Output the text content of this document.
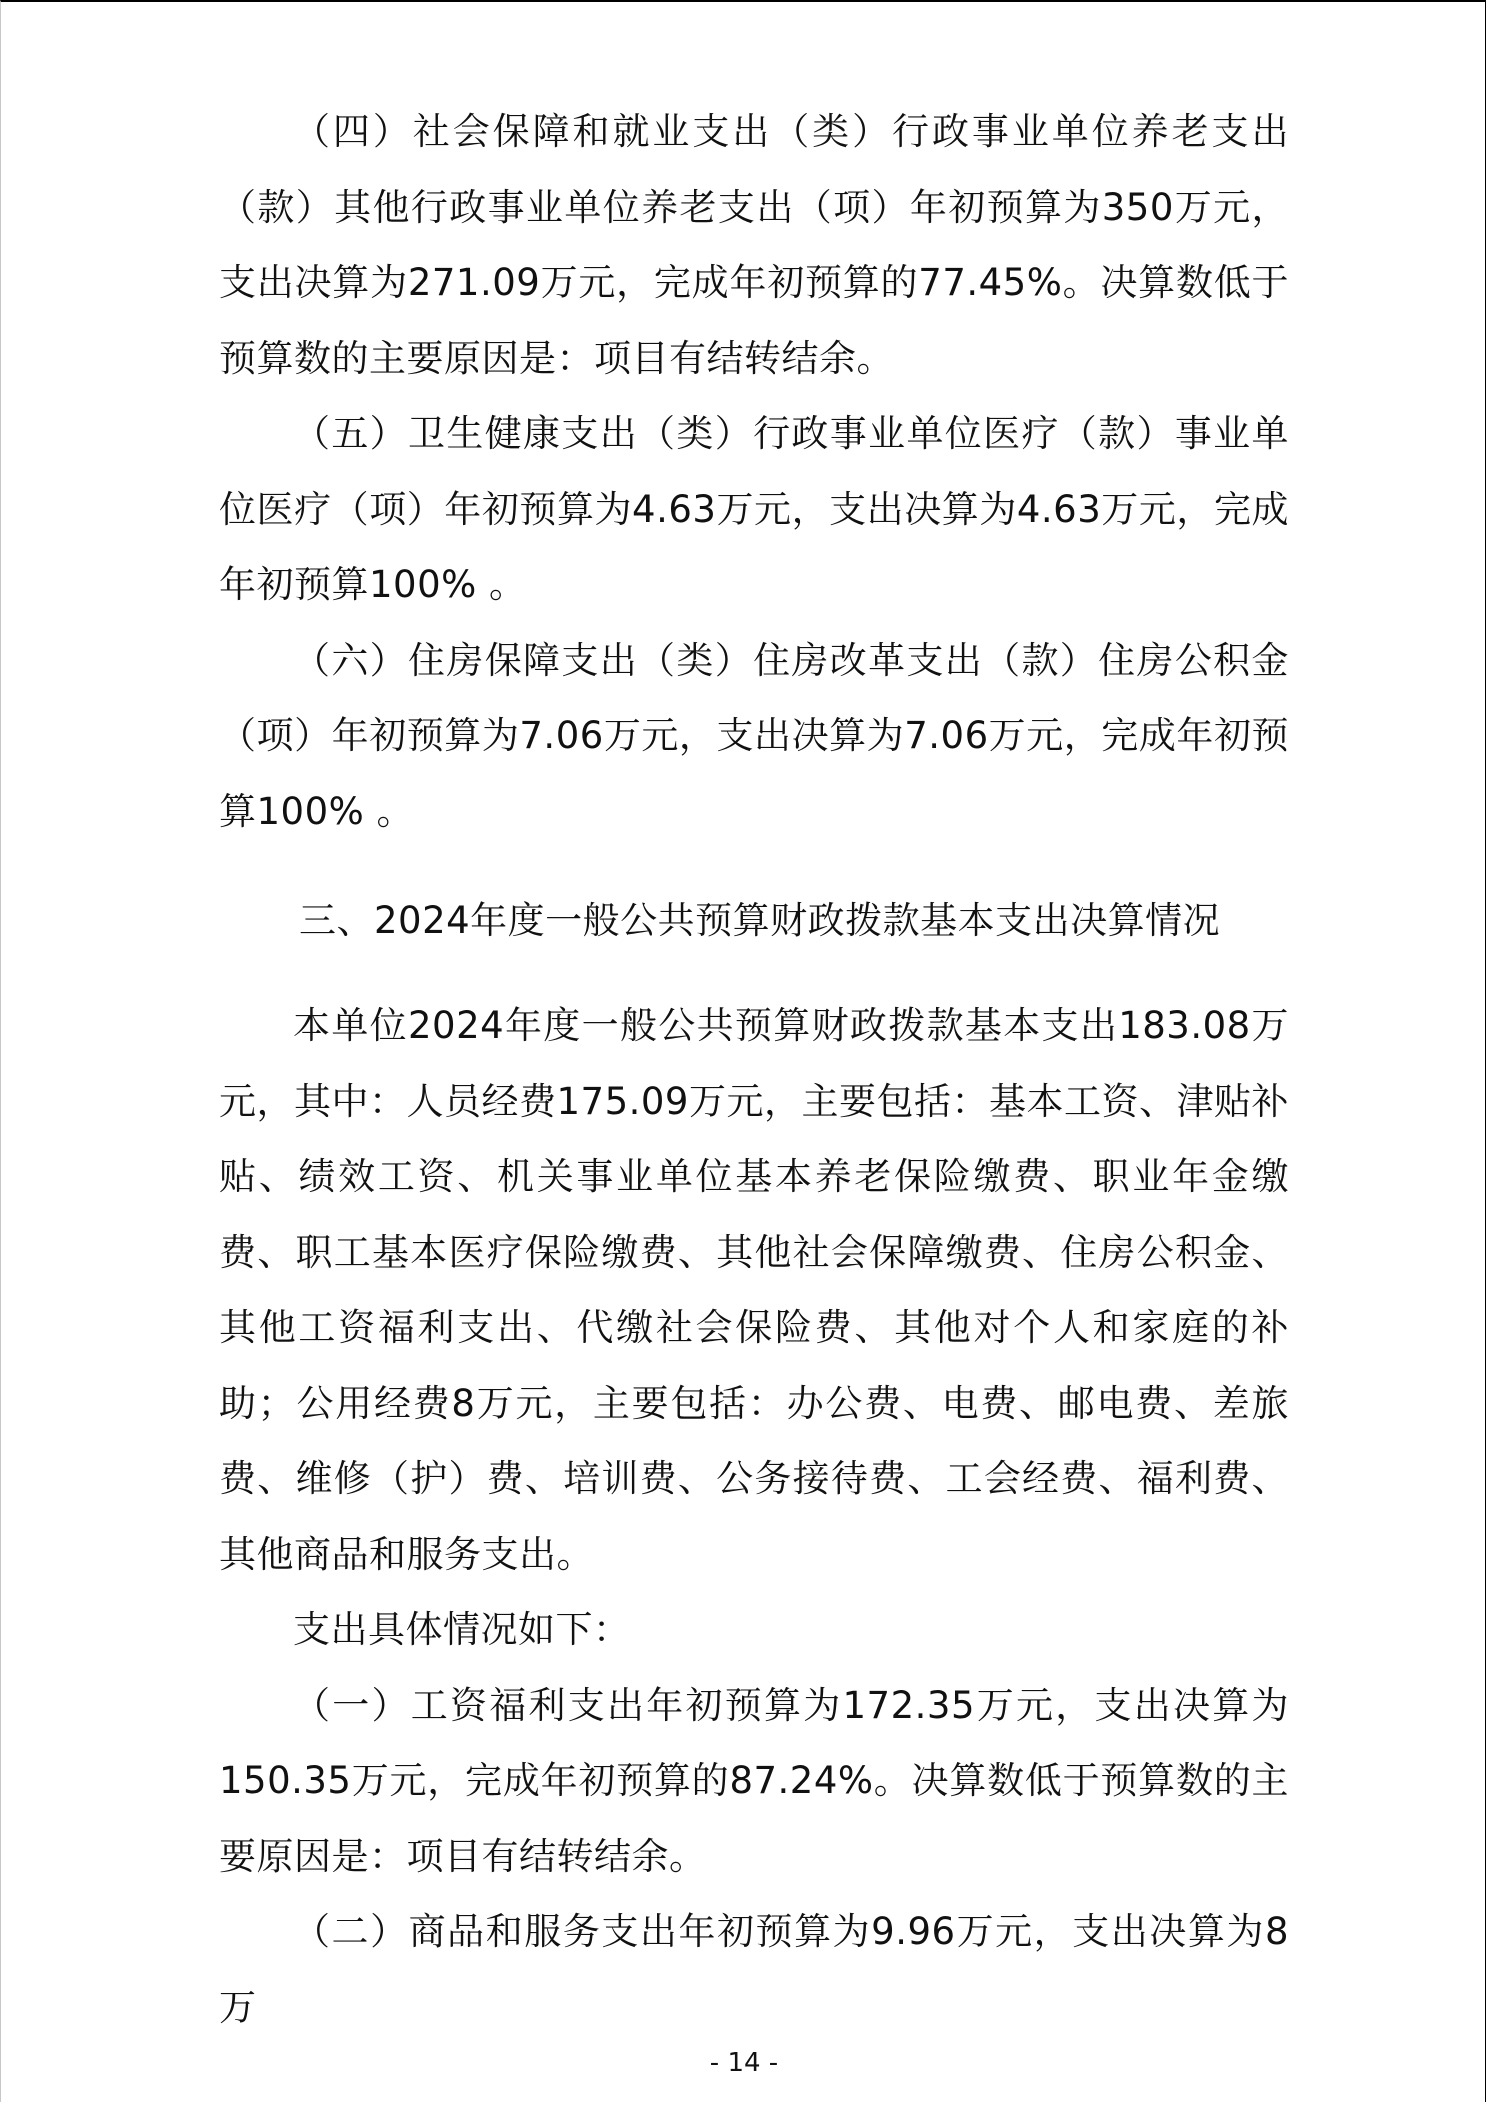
（四）社会保障和就业支出（类）行政事业单位养老支出（款）其他行政事业单位养老支出（项）年初预算为350万元，支出决算为271.09万元，完成年初预算的77.45%。决算数低于预算数的主要原因是：项目有结转结余。

（五）卫生健康支出（类）行政事业单位医疗（款）事业单位医疗（项）年初预算为4.63万元，支出决算为4.63万元，完成年初预算100% 。

（六）住房保障支出（类）住房改革支出（款）住房公积金（项）年初预算为7.06万元，支出决算为7.06万元，完成年初预算100% 。

三、2024年度一般公共预算财政拨款基本支出决算情况

本单位2024年度一般公共预算财政拨款基本支出183.08万元，其中：人员经费175.09万元，主要包括：基本工资、津贴补贴、绩效工资、机关事业单位基本养老保险缴费、职业年金缴费、职工基本医疗保险缴费、其他社会保障缴费、住房公积金、其他工资福利支出、代缴社会保险费、其他对个人和家庭的补助；公用经费8万元，主要包括：办公费、电费、邮电费、差旅费、维修（护）费、培训费、公务接待费、工会经费、福利费、其他商品和服务支出。

支出具体情况如下：

（一）工资福利支出年初预算为172.35万元，支出决算为150.35万元，完成年初预算的87.24%。决算数低于预算数的主要原因是：项目有结转结余。

（二）商品和服务支出年初预算为9.96万元，支出决算为8万

- 14 -
